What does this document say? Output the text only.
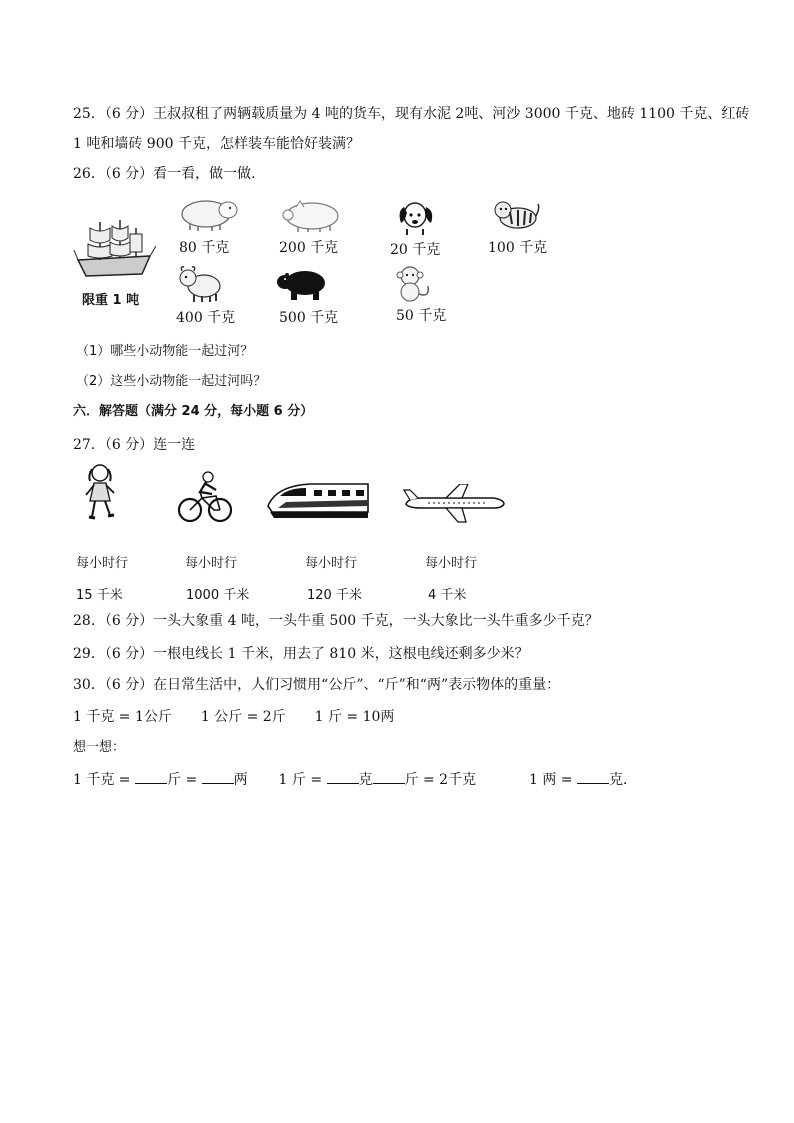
25．（6 分）王叔叔租了两辆载质量为 4 吨的货车，现有水泥 2吨、河沙 3000 千克、地砖 1100 千克、红砖
1 吨和墙砖 900 千克，怎样装车能恰好装满？
26．（6 分）看一看，做一做．
限重 1 吨
80 千克	200 千克	20 千克	100 千克
400 千克	500 千克	50 千克
（1）哪些小动物能一起过河？
（2）这些小动物能一起过河吗？
六．解答题（满分 24 分，每小题 6 分）
27．（6 分）连一连
每小时行	每小时行	每小时行	每小时行
15 千米	1000 千米	120 千米	4 千米
28．（6 分）一头大象重 4 吨，一头牛重 500 千克，一头大象比一头牛重多少千克？
29．（6 分）一根电线长 1 千米，用去了 810 米，这根电线还剩多少米？
30．（6 分）在日常生活中，人们习惯用“公斤”、“斤”和“两”表示物体的重量：
1 千克 = 1公斤 1 公斤 = 2斤 1 斤 = 10两
想一想：
1 千克 =	斤 =	两 1 斤 =	克 斤 = 2千克	1 两 =	克．
